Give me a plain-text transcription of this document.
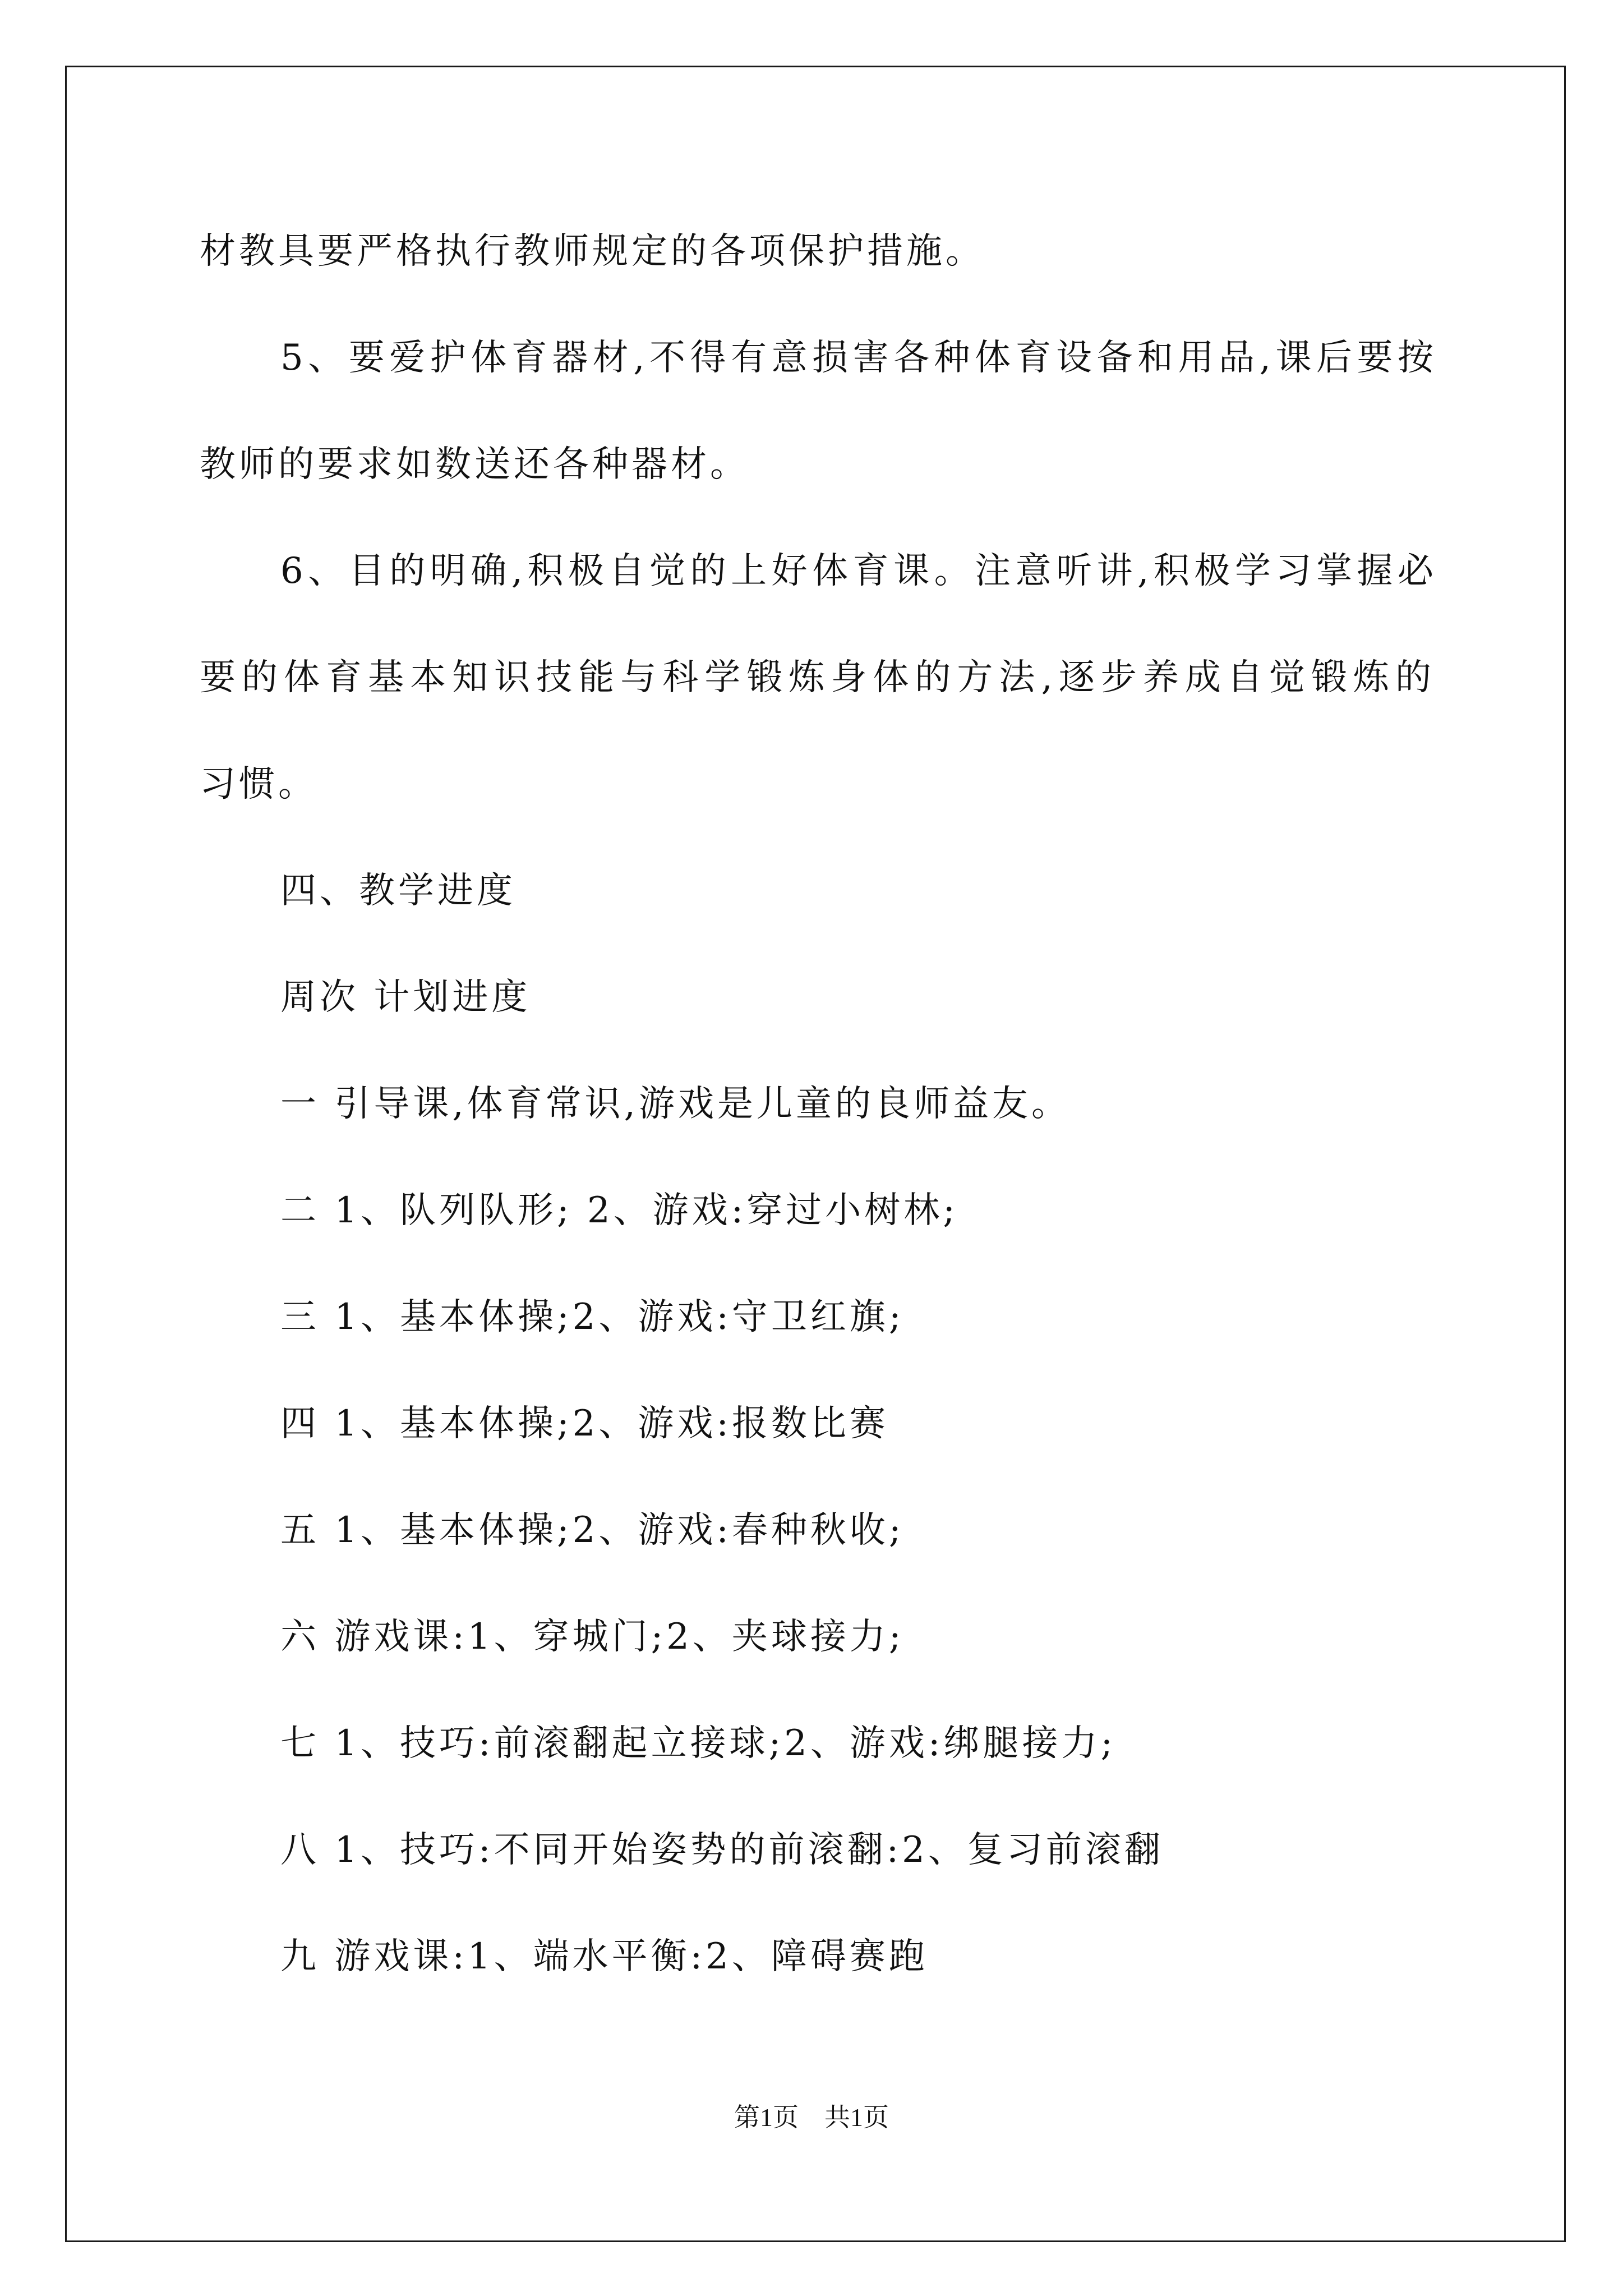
材教具要严格执行教师规定的各项保护措施。
5、要爱护体育器材,不得有意损害各种体育设备和用品,课后要按
教师的要求如数送还各种器材。
6、目的明确,积极自觉的上好体育课。注意听讲,积极学习掌握必
要的体育基本知识技能与科学锻炼身体的方法,逐步养成自觉锻炼的
习惯。
四、教学进度
周次 计划进度
一 引导课,体育常识,游戏是儿童的良师益友。
二 1、队列队形; 2、游戏:穿过小树林;
三 1、基本体操;2、游戏:守卫红旗;
四 1、基本体操;2、游戏:报数比赛
五 1、基本体操;2、游戏:春种秋收;
六 游戏课:1、穿城门;2、夹球接力;
七 1、技巧:前滚翻起立接球;2、游戏:绑腿接力;
八 1、技巧:不同开始姿势的前滚翻:2、复习前滚翻
九 游戏课:1、端水平衡:2、障碍赛跑
第1页　共1页
